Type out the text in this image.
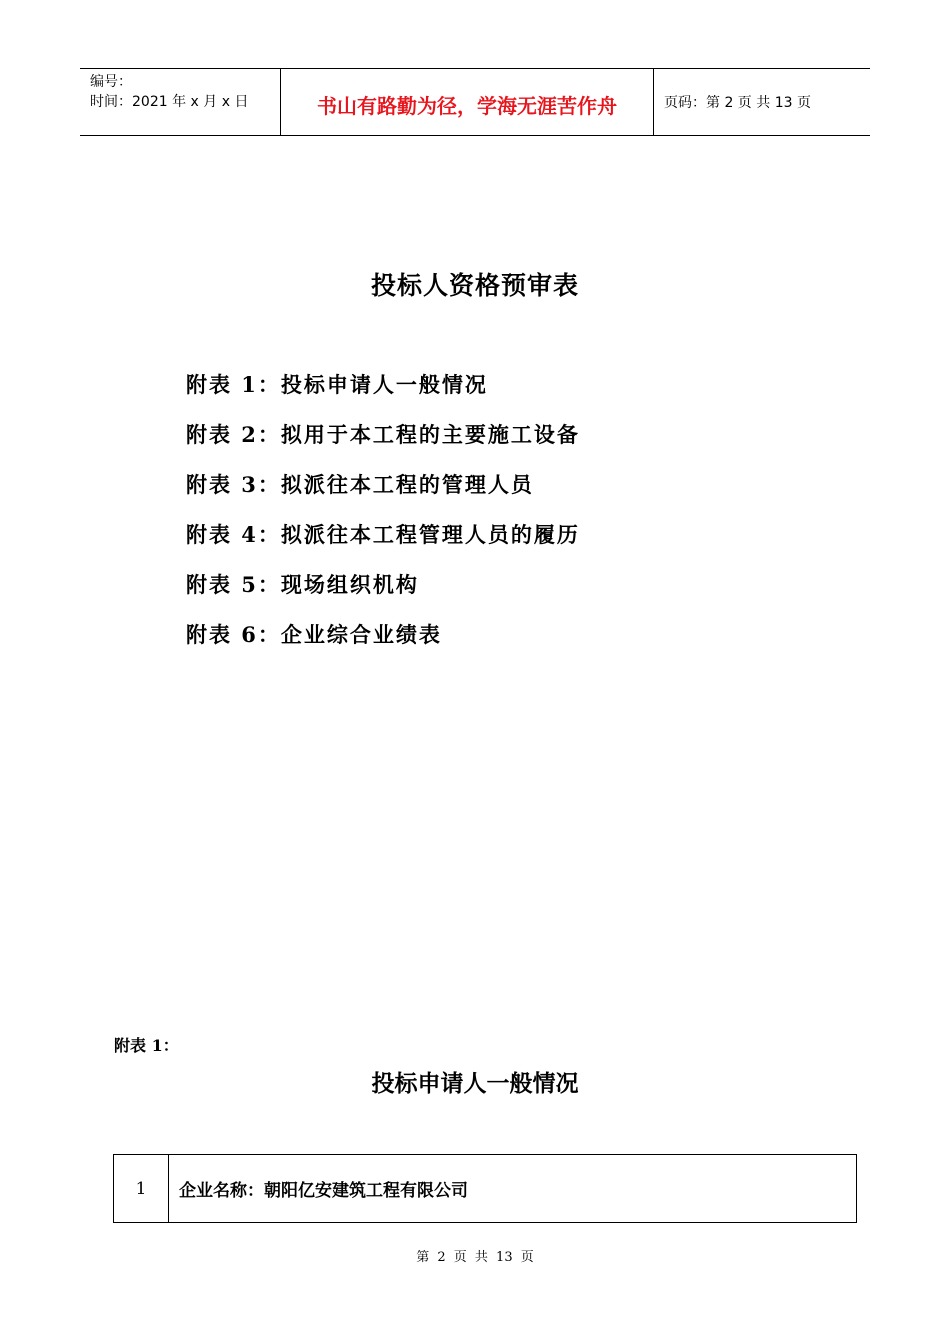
编号：
时间：2021 年 x 月 x 日	书山有路勤为径，学海无涯苦作舟	页码：第 2 页 共 13 页
投标人资格预审表
附表 1：投标申请人一般情况
附表 2：拟用于本工程的主要施工设备
附表 3：拟派往本工程的管理人员
附表 4：拟派往本工程管理人员的履历
附表 5：现场组织机构
附表 6：企业综合业绩表
附表 1：
投标申请人一般情况
1	企业名称：朝阳亿安建筑工程有限公司
第 2 页 共 13 页
